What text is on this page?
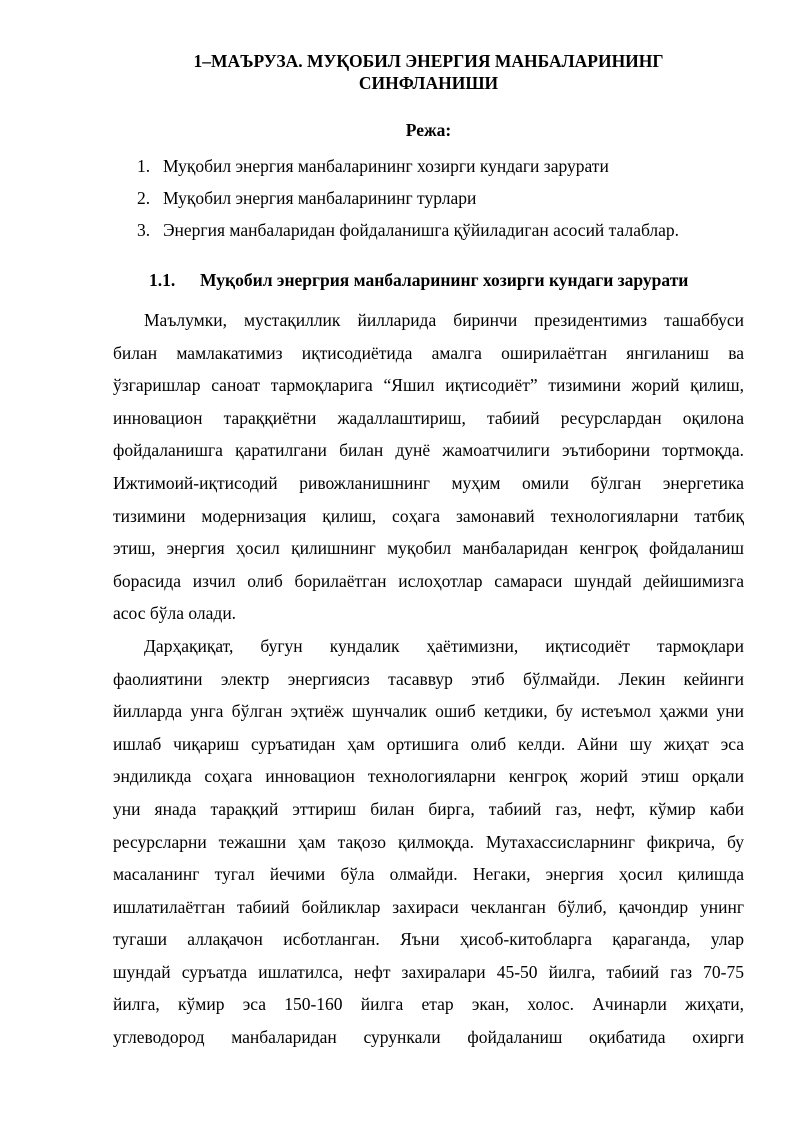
1–МАЪРУЗА. МУҚОБИЛ ЭНЕРГИЯ МАНБАЛАРИНИНГ
СИНФЛАНИШИ
Режа:
1. Муқобил энергия манбаларининг хозирги кундаги зарурати
2. Муқобил энергия манбаларининг турлари
3. Энергия манбаларидан фойдаланишга қўйиладиган асосий талаблар.
1.1.	Муқобил энергрия манбаларининг хозирги кундаги зарурати
Маълумки, мустақиллик йилларида биринчи президентимиз ташаббуси
билан мамлакатимиз иқтисодиётида амалга оширилаётган янгиланиш ва
ўзгаришлар саноат тармоқларига “Яшил иқтисодиёт” тизимини жорий қилиш,
инновацион тараққиётни жадаллаштириш, табиий ресурслардан оқилона
фойдаланишга қаратилгани билан дунё жамоатчилиги эътиборини тортмоқда.
Ижтимоий-иқтисодий ривожланишнинг муҳим омили бўлган энергетика
тизимини модернизация қилиш, соҳага замонавий технологияларни татбиқ
этиш, энергия ҳосил қилишнинг муқобил манбаларидан кенгроқ фойдаланиш
борасида изчил олиб борилаётган ислоҳотлар самараси шундай дейишимизга
асос бўла олади.
Дарҳақиқат, бугун кундалик ҳаётимизни, иқтисодиёт тармоқлари
фаолиятини электр энергиясиз тасаввур этиб бўлмайди. Лекин кейинги
йилларда унга бўлган эҳтиёж шунчалик ошиб кетдики, бу истеъмол ҳажми уни
ишлаб чиқариш суръатидан ҳам ортишига олиб келди. Айни шу жиҳат эса
эндиликда соҳага инновацион технологияларни кенгроқ жорий этиш орқали
уни янада тараққий эттириш билан бирга, табиий газ, нефт, кўмир каби
ресурсларни тежашни ҳам тақозо қилмоқда. Мутахассисларнинг фикрича, бу
масаланинг тугал йечими бўла олмайди. Негаки, энергия ҳосил қилишда
ишлатилаётган табиий бойликлар захираси чекланган бўлиб, қачондир унинг
тугаши аллақачон исботланган. Яъни ҳисоб-китобларга қараганда, улар
шундай суръатда ишлатилса, нефт захиралари 45-50 йилга, табиий газ 70-75
йилга, кўмир эса 150-160 йилга етар экан, холос. Ачинарли жиҳати,
углеводород манбаларидан сурункали фойдаланиш оқибатида охирги
